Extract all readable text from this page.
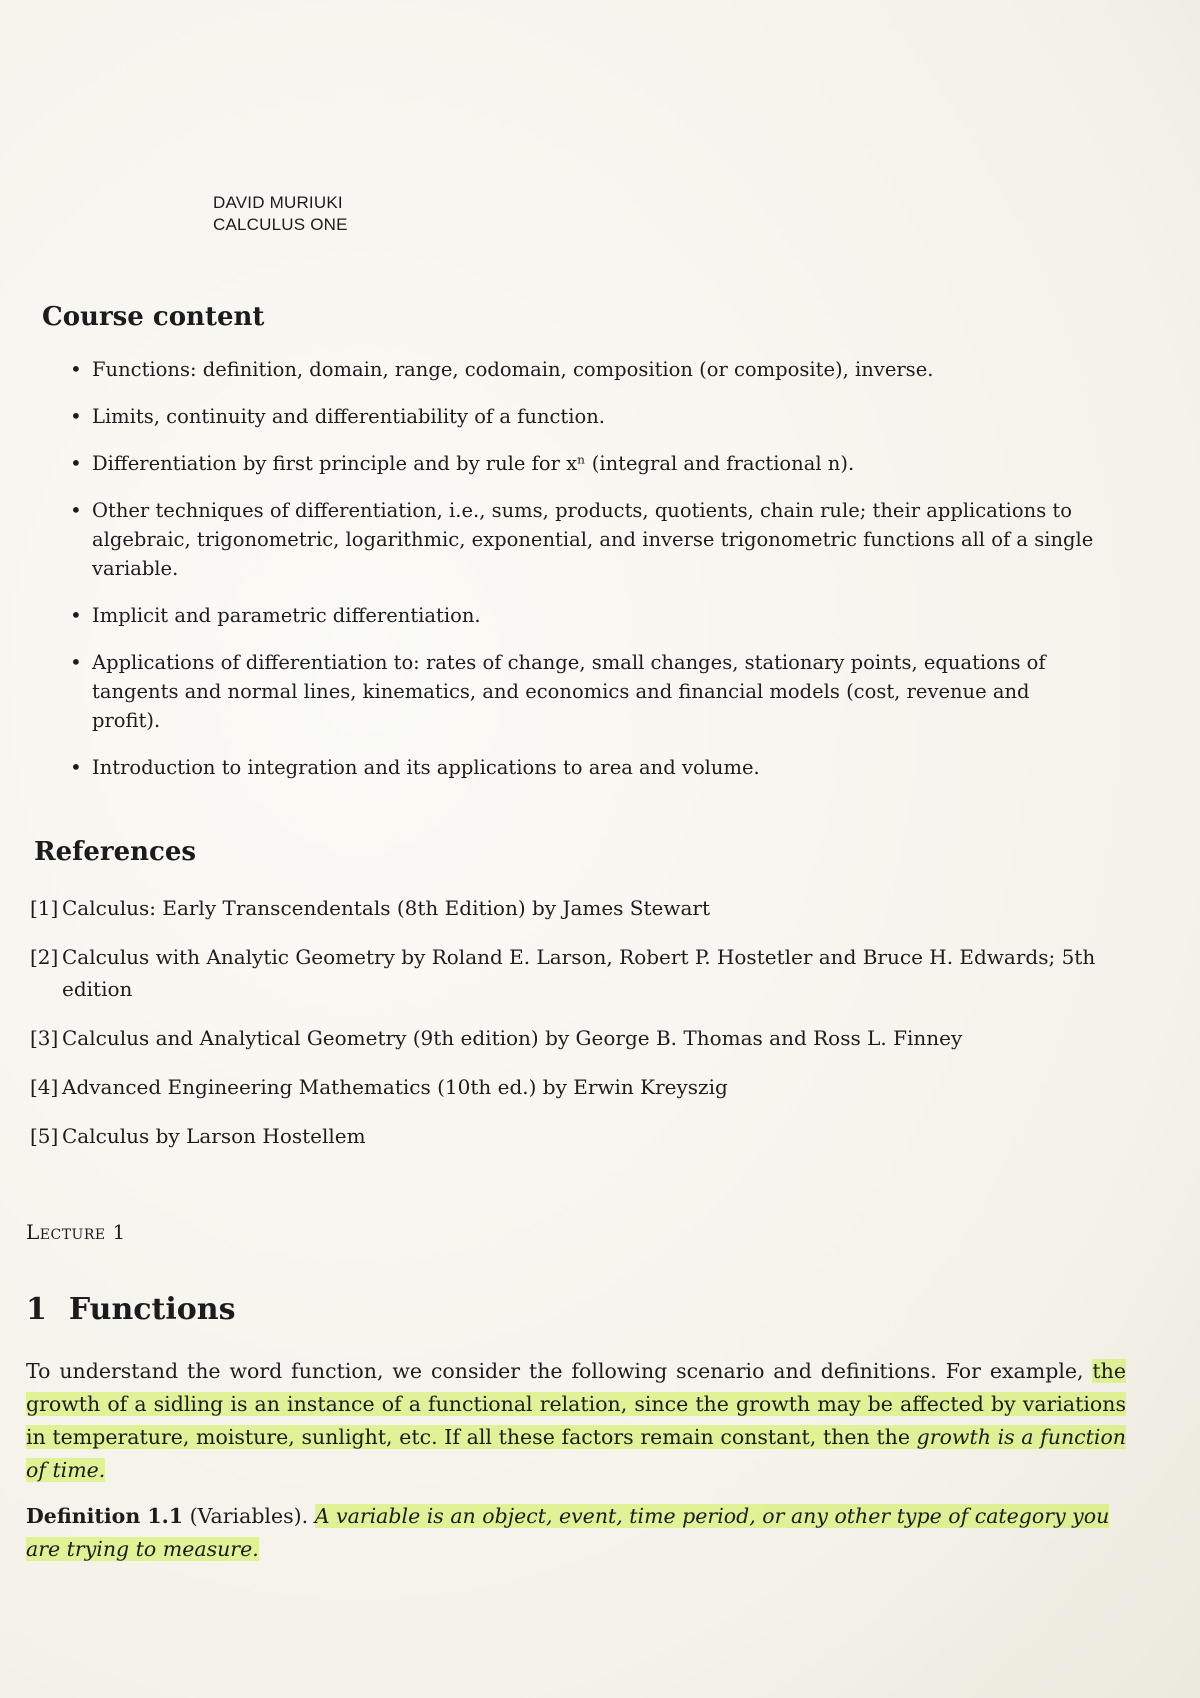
DAVID MURIUKI
CALCULUS ONE
Course content
• Functions: definition, domain, range, codomain, composition (or composite), inverse.
• Limits, continuity and differentiability of a function.
• Differentiation by first principle and by rule for xⁿ (integral and fractional n).
• Other techniques of differentiation, i.e., sums, products, quotients, chain rule; their applications to algebraic, trigonometric, logarithmic, exponential, and inverse trigonometric functions all of a single variable.
• Implicit and parametric differentiation.
• Applications of differentiation to: rates of change, small changes, stationary points, equations of tangents and normal lines, kinematics, and economics and financial models (cost, revenue and profit).
• Introduction to integration and its applications to area and volume.
References
[1] Calculus: Early Transcendentals (8th Edition) by James Stewart
[2] Calculus with Analytic Geometry by Roland E. Larson, Robert P. Hostetler and Bruce H. Edwards; 5th edition
[3] Calculus and Analytical Geometry (9th edition) by George B. Thomas and Ross L. Finney
[4] Advanced Engineering Mathematics (10th ed.) by Erwin Kreyszig
[5] Calculus by Larson Hostellem
Lecture 1
1 Functions

To understand the word function, we consider the following scenario and definitions. For example, the growth of a sidling is an instance of a functional relation, since the growth may be affected by variations in temperature, moisture, sunlight, etc. If all these factors remain constant, then the growth is a function of time.

Definition 1.1 (Variables). A variable is an object, event, time period, or any other type of category you are trying to measure.
